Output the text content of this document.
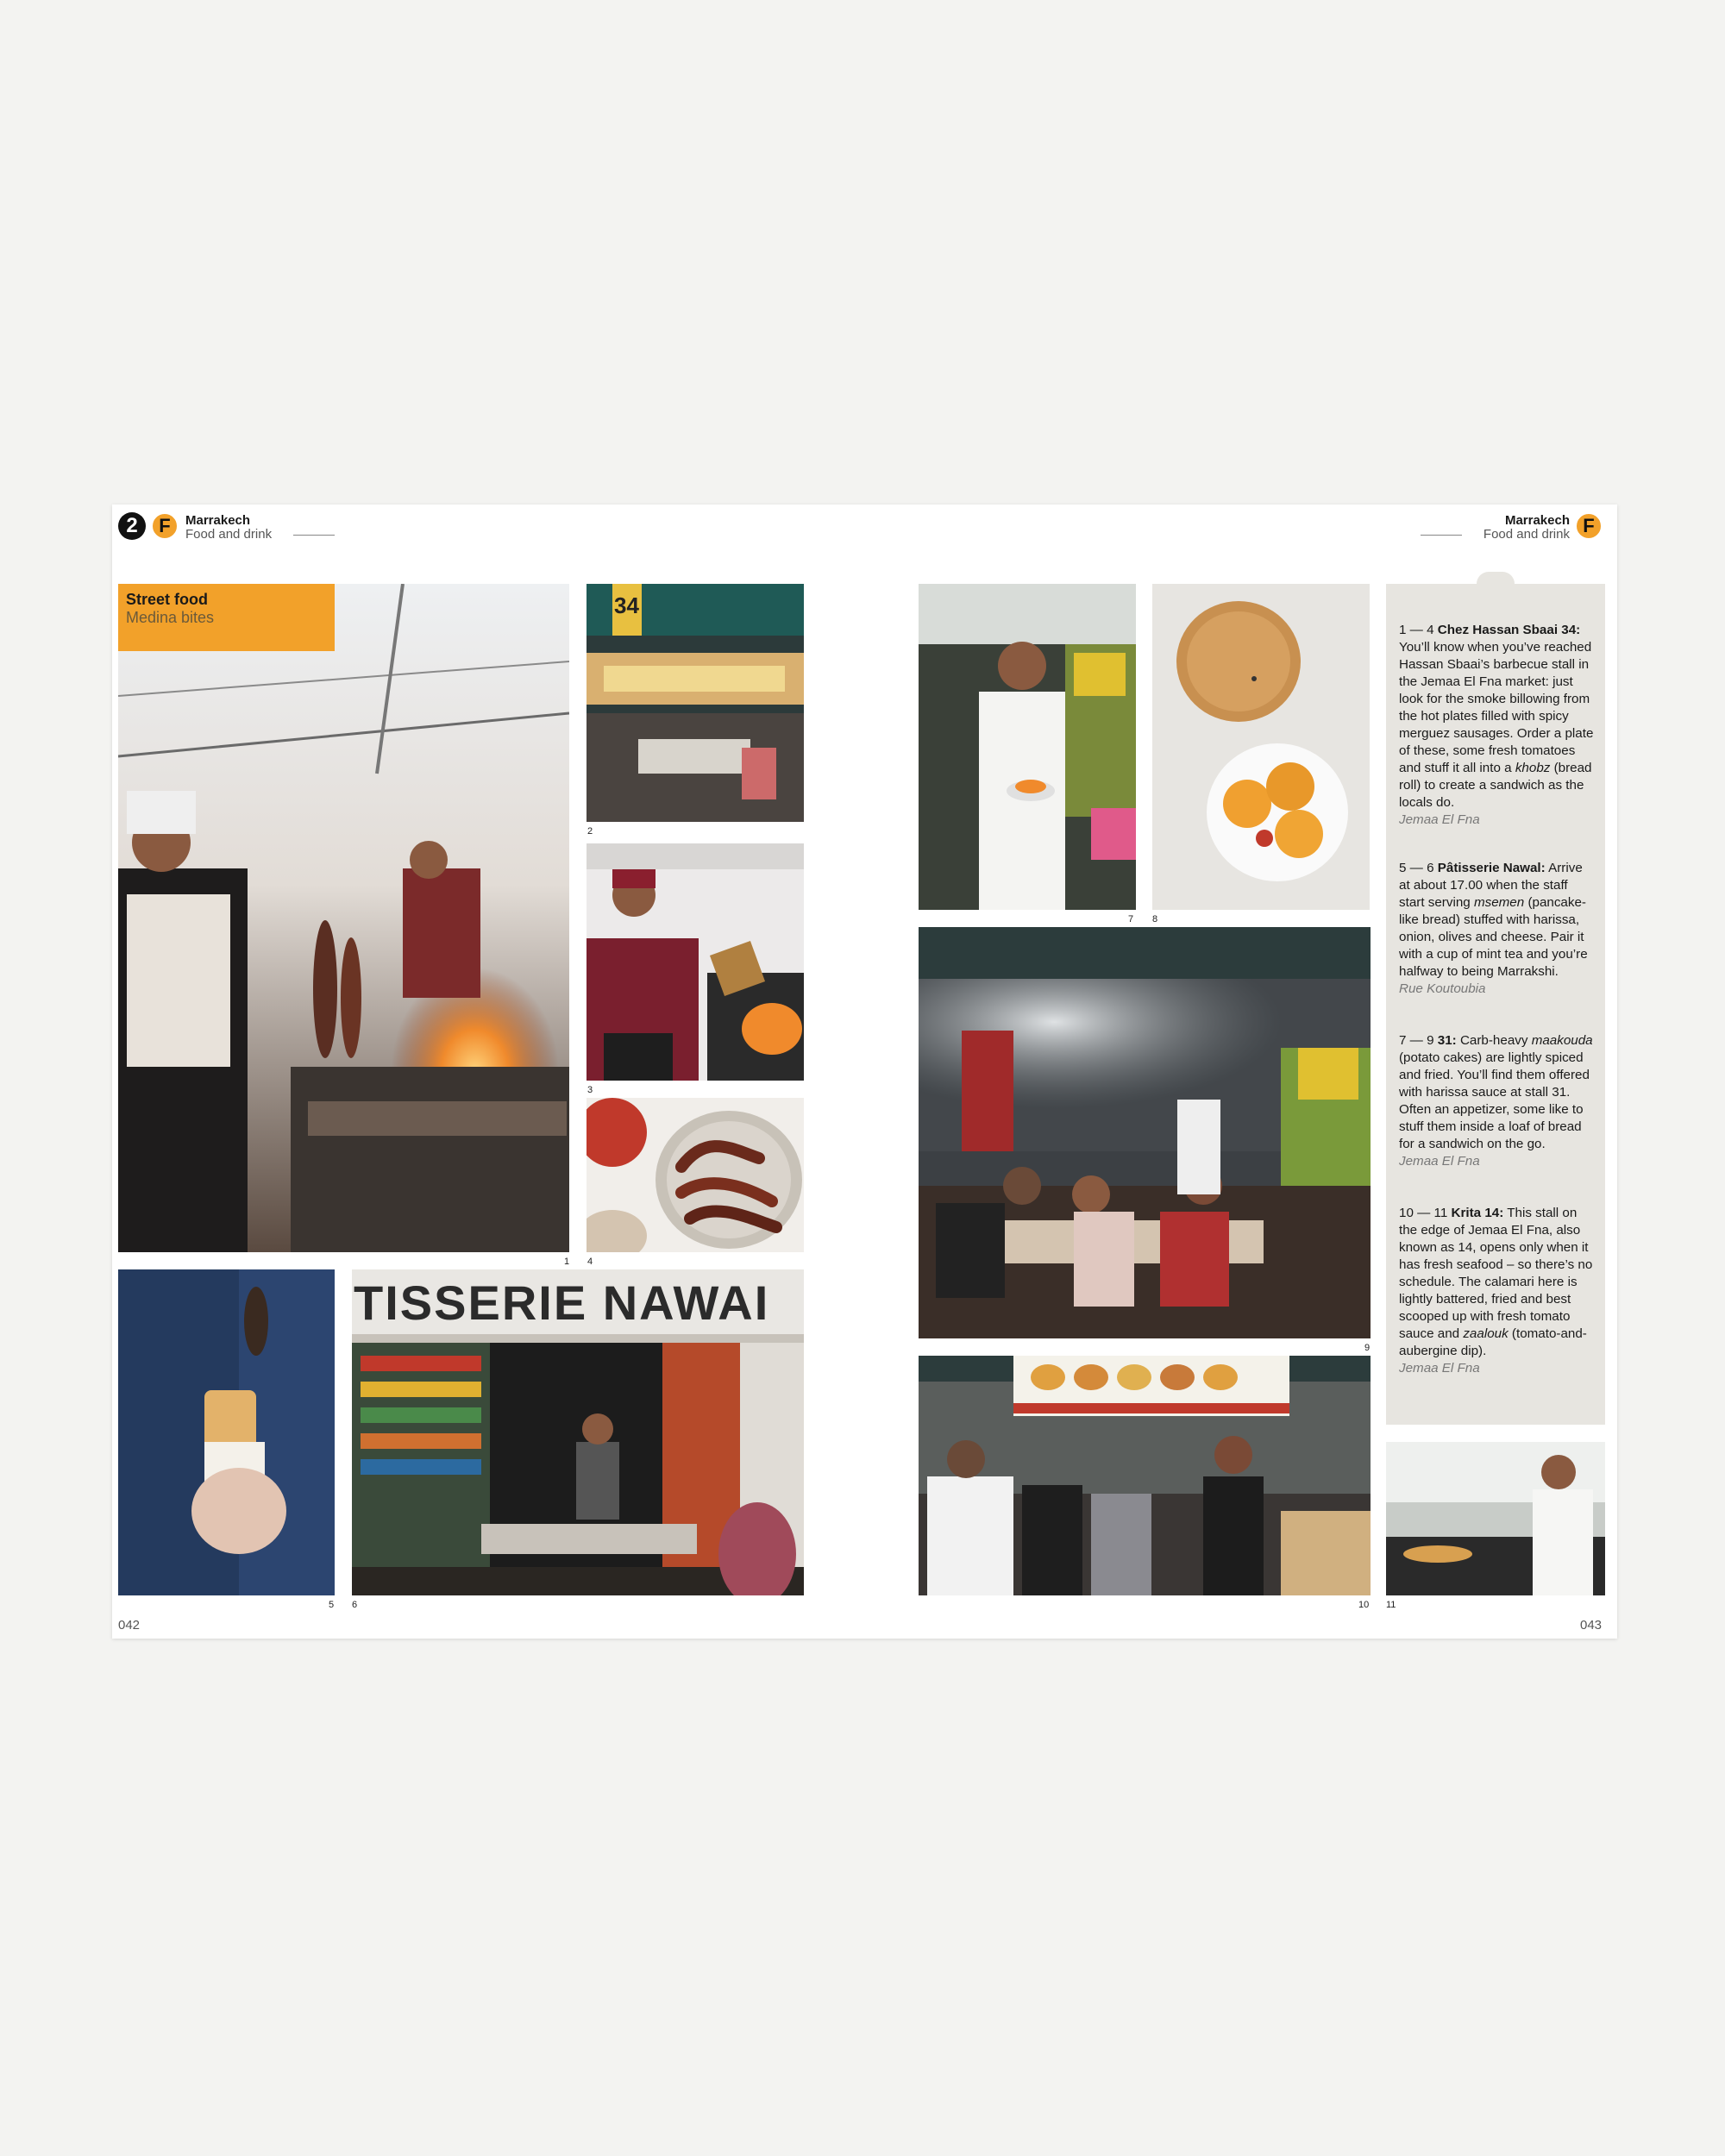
2	F	Marrakech
Food and drink
Marrakech
Food and drink F
1
Street food
Medina bites	34
2
3
4
5
TISSERIE NAWAI
6
7 8
9
10 11
1 — 4 Chez Hassan Sbaai 34: You’ll know when you’ve reached Hassan Sbaai’s barbecue stall in the Jemaa El Fna market: just look for the smoke billowing from the hot plates filled with spicy merguez sausages. Order a plate of these, some fresh tomatoes and stuff it all into a khobz (bread roll) to create a sandwich as the locals do.
Jemaa El Fna
5 — 6 Pâtisserie Nawal: Arrive at about 17.00 when the staff start serving msemen (pancake-like bread) stuffed with harissa, onion, olives and cheese. Pair it with a cup of mint tea and you’re halfway to being Marrakshi.
Rue Koutoubia
7 — 9 31: Carb-heavy maakouda (potato cakes) are lightly spiced and fried. You’ll find them offered with harissa sauce at stall 31. Often an appetizer, some like to stuff them inside a loaf of bread for a sandwich on the go.
Jemaa El Fna
10 — 11 Krita 14: This stall on the edge of Jemaa El Fna, also known as 14, opens only when it has fresh seafood – so there’s no schedule. The calamari here is lightly battered, fried and best scooped up with fresh tomato sauce and zaalouk (tomato-and-aubergine dip).
Jemaa El Fna
042	043
